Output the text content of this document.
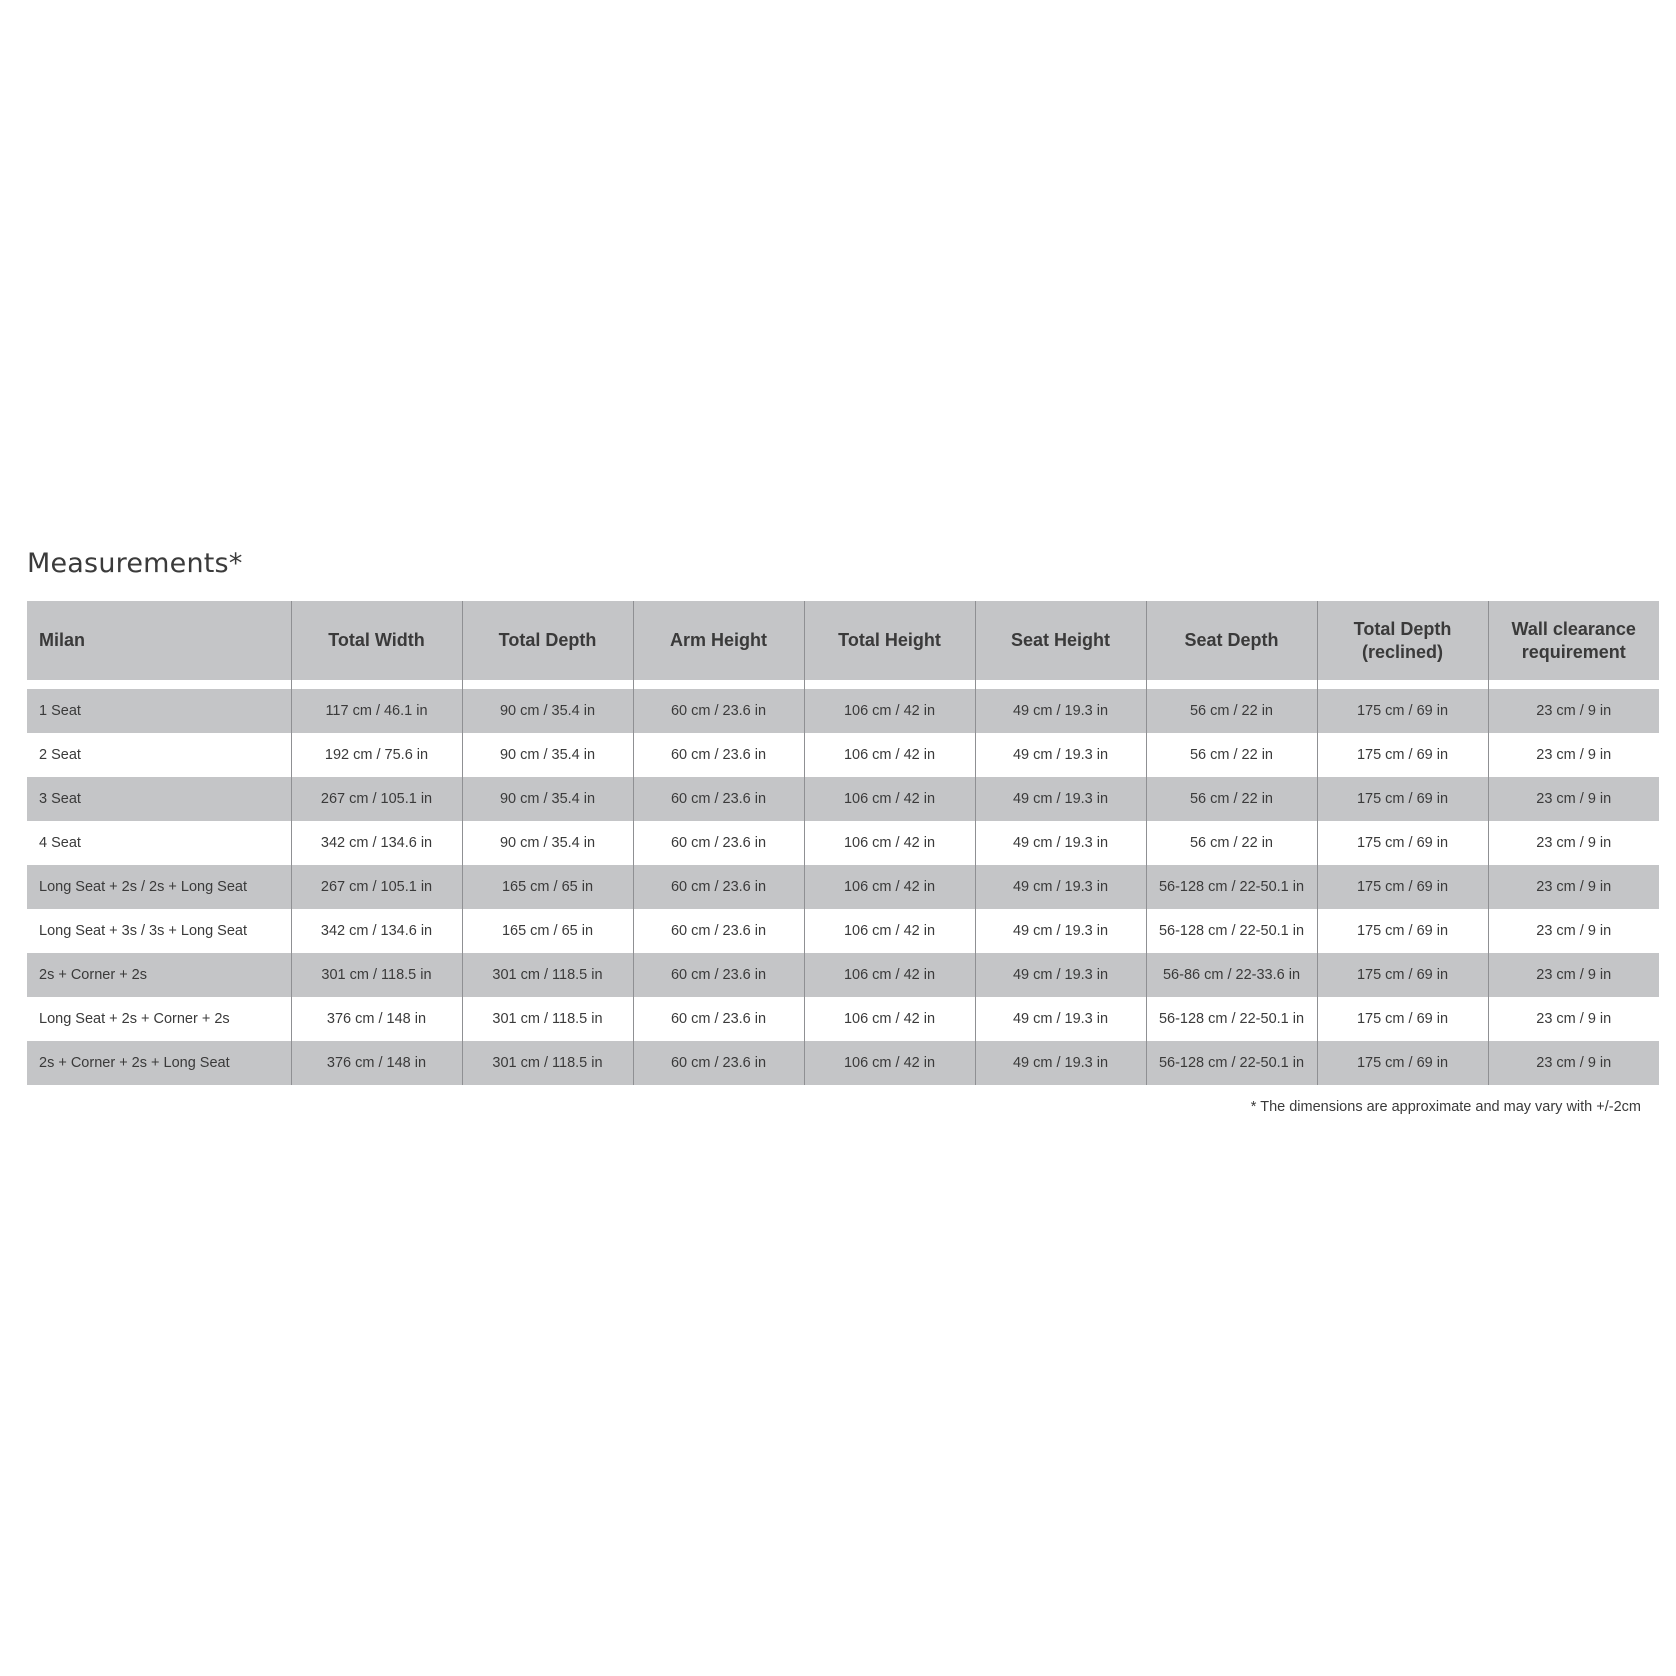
Measurements*
Milan	Total Width	Total Depth	Arm Height	Total Height	Seat Height	Seat Depth	Total Depth (reclined)	Wall clearance requirement

1 Seat	117 cm / 46.1 in	90 cm / 35.4 in	60 cm / 23.6 in	106 cm / 42 in	49 cm / 19.3 in	56 cm / 22 in	175 cm / 69 in	23 cm / 9 in
2 Seat	192 cm / 75.6 in	90 cm / 35.4 in	60 cm / 23.6 in	106 cm / 42 in	49 cm / 19.3 in	56 cm / 22 in	175 cm / 69 in	23 cm / 9 in
3 Seat	267 cm / 105.1 in	90 cm / 35.4 in	60 cm / 23.6 in	106 cm / 42 in	49 cm / 19.3 in	56 cm / 22 in	175 cm / 69 in	23 cm / 9 in
4 Seat	342 cm / 134.6 in	90 cm / 35.4 in	60 cm / 23.6 in	106 cm / 42 in	49 cm / 19.3 in	56 cm / 22 in	175 cm / 69 in	23 cm / 9 in
Long Seat + 2s / 2s + Long Seat	267 cm / 105.1 in	165 cm / 65 in	60 cm / 23.6 in	106 cm / 42 in	49 cm / 19.3 in	56-128 cm / 22-50.1 in	175 cm / 69 in	23 cm / 9 in
Long Seat + 3s / 3s + Long Seat	342 cm / 134.6 in	165 cm / 65 in	60 cm / 23.6 in	106 cm / 42 in	49 cm / 19.3 in	56-128 cm / 22-50.1 in	175 cm / 69 in	23 cm / 9 in
2s + Corner + 2s	301 cm / 118.5 in	301 cm / 118.5 in	60 cm / 23.6 in	106 cm / 42 in	49 cm / 19.3 in	56-86 cm / 22-33.6 in	175 cm / 69 in	23 cm / 9 in
Long Seat + 2s + Corner + 2s	376 cm / 148 in	301 cm / 118.5 in	60 cm / 23.6 in	106 cm / 42 in	49 cm / 19.3 in	56-128 cm / 22-50.1 in	175 cm / 69 in	23 cm / 9 in
2s + Corner + 2s + Long Seat	376 cm / 148 in	301 cm / 118.5 in	60 cm / 23.6 in	106 cm / 42 in	49 cm / 19.3 in	56-128 cm / 22-50.1 in	175 cm / 69 in	23 cm / 9 in
* The dimensions are approximate and may vary with +/-2cm
